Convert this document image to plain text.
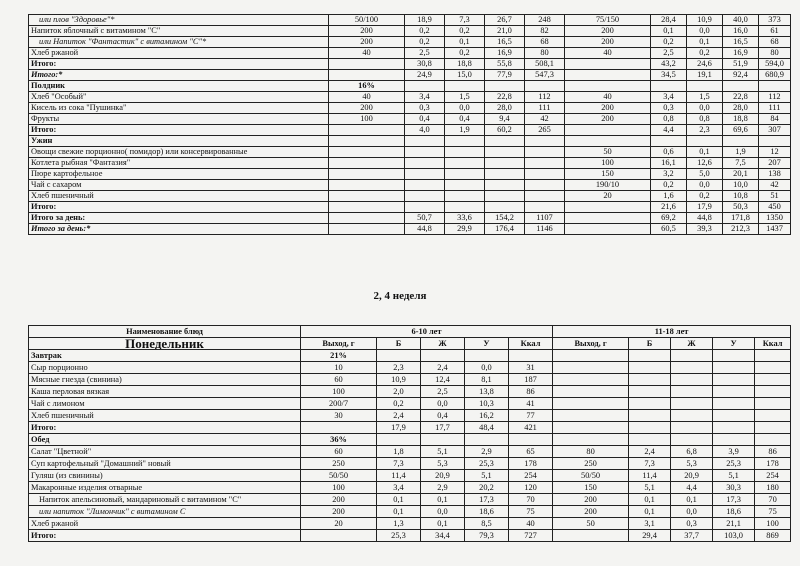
или плов "Здоровье"*	50/100	18,9	7,3	26,7	248	75/150	28,4	10,9	40,0	373
Напиток яблочный с витамином "С"	200	0,2	0,2	21,0	82	200	0,1	0,0	16,0	61
или Напиток "Фантастик" с витамином "С"*	200	0,2	0,1	16,5	68	200	0,2	0,1	16,5	68
Хлеб ржаной	40	2,5	0,2	16,9	80	40	2,5	0,2	16,9	80
Итого:		30,8	18,8	55,8	508,1		43,2	24,6	51,9	594,0
Итого:*		24,9	15,0	77,9	547,3		34,5	19,1	92,4	680,9
Полдник	16%									
Хлеб "Особый"	40	3,4	1,5	22,8	112	40	3,4	1,5	22,8	112
Кисель из сока "Пушинка"	200	0,3	0,0	28,0	111	200	0,3	0,0	28,0	111
Фрукты	100	0,4	0,4	9,4	42	200	0,8	0,8	18,8	84
Итого:		4,0	1,9	60,2	265		4,4	2,3	69,6	307
Ужин										
Овощи свежие порционно( помидор) или консервированные						50	0,6	0,1	1,9	12
Котлета рыбная "Фантазия"						100	16,1	12,6	7,5	207
Пюре картофельное						150	3,2	5,0	20,1	138
Чай с сахаром						190/10	0,2	0,0	10,0	42
Хлеб пшеничный						20	1,6	0,2	10,8	51
Итого:							21,6	17,9	50,3	450
Итого за день:		50,7	33,6	154,2	1107		69,2	44,8	171,8	1350
Итого за день:*		44,8	29,9	176,4	1146		60,5	39,3	212,3	1437
2, 4 неделя
Наименование блюд	6-10 лет					11-18 лет				
Понедельник	Выход, г	Б	Ж	У	Ккал	Выход, г	Б	Ж	У	Ккал
Завтрак	21%									
Сыр порционно	10	2,3	2,4	0,0	31					
Мясные гнезда (свинина)	60	10,9	12,4	8,1	187					
Каша перловая вязкая	100	2,0	2,5	13,8	86					
Чай с лимоном	200/7	0,2	0,0	10,3	41					
Хлеб пшеничный	30	2,4	0,4	16,2	77					
Итого:		17,9	17,7	48,4	421					
Обед	36%									
Салат "Цветной"	60	1,8	5,1	2,9	65	80	2,4	6,8	3,9	86
Суп картофельный "Домашний" новый	250	7,3	5,3	25,3	178	250	7,3	5,3	25,3	178
Гуляш (из свинины)	50/50	11,4	20,9	5,1	254	50/50	11,4	20,9	5,1	254
Макаронные изделия отварные	100	3,4	2,9	20,2	120	150	5,1	4,4	30,3	180
Напиток апельсиновый, мандариновый с витамином "С"	200	0,1	0,1	17,3	70	200	0,1	0,1	17,3	70
или напиток "Лимончик" с витамином С	200	0,1	0,0	18,6	75	200	0,1	0,0	18,6	75
Хлеб ржаной	20	1,3	0,1	8,5	40	50	3,1	0,3	21,1	100
Итого:		25,3	34,4	79,3	727		29,4	37,7	103,0	869
